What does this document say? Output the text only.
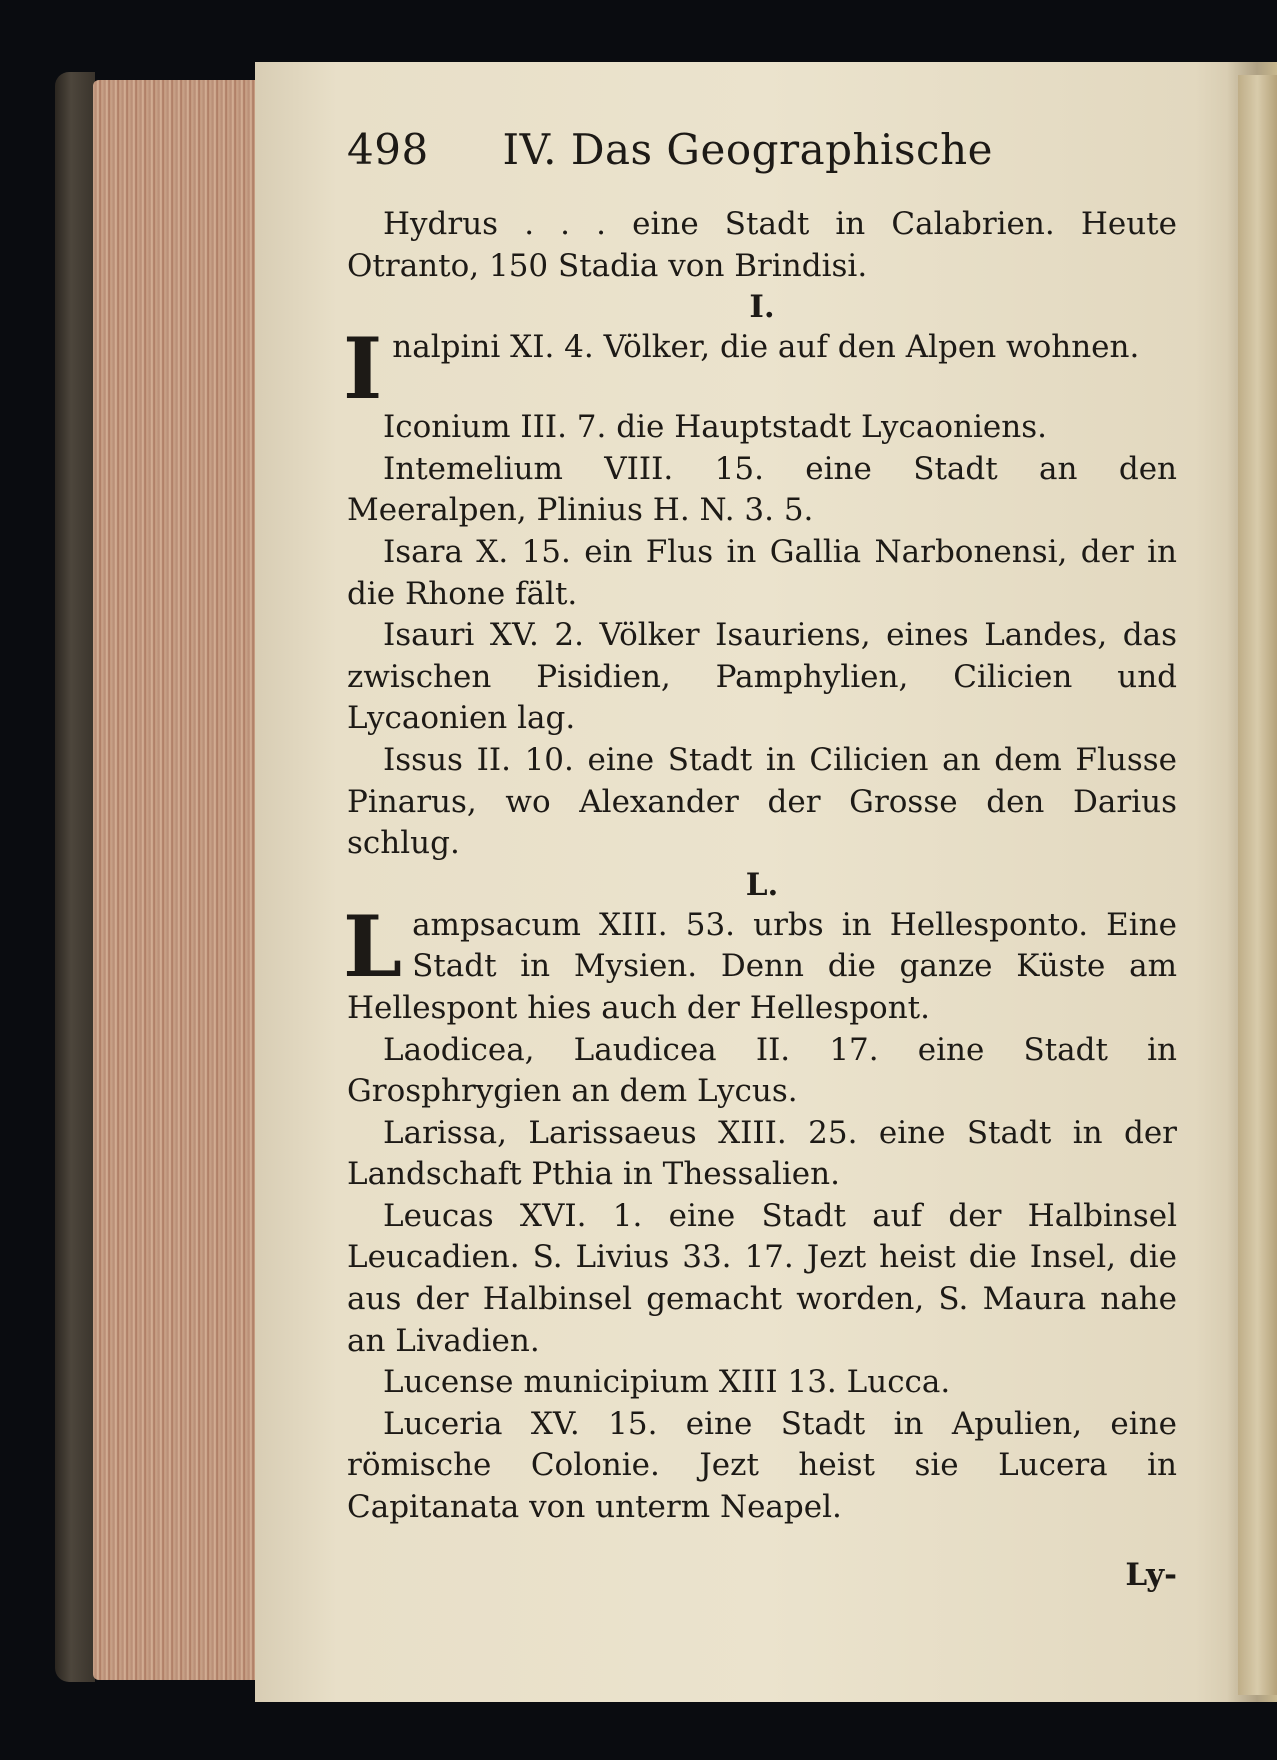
498 IV. Das Geographische

Hydrus . . . eine Stadt in Calabrien. Heute Otranto, 150 Stadia von Brindisi.

I.

I nalpini XI. 4. Völker, die auf den Alpen wohnen.

Iconium III. 7. die Hauptstadt Lycaoniens.

Intemelium VIII. 15. eine Stadt an den Meeralpen, Plinius H. N. 3. 5.

Isara X. 15. ein Flus in Gallia Narbonensi, der in die Rhone fält.

Isauri XV. 2. Völker Isauriens, eines Landes, das zwischen Pisidien, Pamphylien, Cilicien und Lycaonien lag.

Issus II. 10. eine Stadt in Cilicien an dem Flusse Pinarus, wo Alexander der Grosse den Darius schlug.

L.

L ampsacum XIII. 53. urbs in Hellesponto. Eine Stadt in Mysien. Denn die ganze Küste am Hellespont hies auch der Hellespont.

Laodicea, Laudicea II. 17. eine Stadt in Grosphrygien an dem Lycus.

Larissa, Larissaeus XIII. 25. eine Stadt in der Landschaft Pthia in Thessalien.

Leucas XVI. 1. eine Stadt auf der Halbinsel Leucadien. S. Livius 33. 17. Jezt heist die Insel, die aus der Halbinsel gemacht worden, S. Maura nahe an Livadien.

Lucense municipium XIII 13. Lucca.

Luceria XV. 15. eine Stadt in Apulien, eine römische Colonie. Jezt heist sie Lucera in Capitanata von unterm Neapel.

Ly-
